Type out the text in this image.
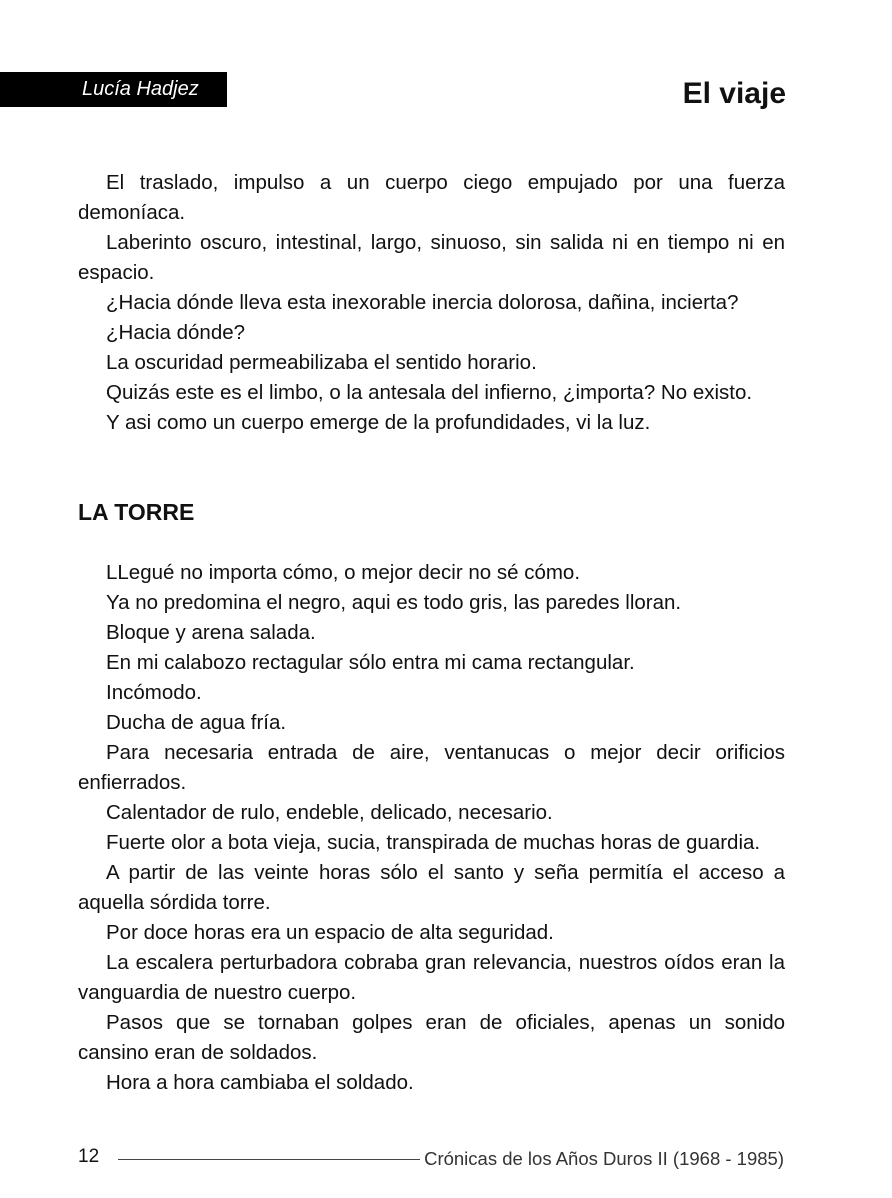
Lucía Hadjez	El viaje

El traslado, impulso a un cuerpo ciego empujado por una fuerza demoníaca.

Laberinto oscuro, intestinal, largo, sinuoso, sin salida ni en tiempo ni en espacio.

¿Hacia dónde lleva esta inexorable inercia dolorosa, dañina, incierta?

¿Hacia dónde?

La oscuridad permeabilizaba el sentido horario.

Quizás este es el limbo, o la antesala del infierno, ¿importa? No existo.

Y asi como un cuerpo emerge de la profundidades, vi la luz.

LA TORRE

LLegué no importa cómo, o mejor decir no sé cómo.

Ya no predomina el negro, aqui es todo gris, las paredes lloran.

Bloque y arena salada.

En mi calabozo rectagular sólo entra mi cama rectangular.

Incómodo.

Ducha de agua fría.

Para necesaria entrada de aire, ventanucas o mejor decir orificios enfierrados.

Calentador de rulo, endeble, delicado, necesario.

Fuerte olor a bota vieja, sucia, transpirada de muchas horas de guardia.

A partir de las veinte horas sólo el santo y seña permitía el acceso a aquella sórdida torre.

Por doce horas era un espacio de alta seguridad.

La escalera perturbadora cobraba gran relevancia, nuestros oídos eran la vanguardia de nuestro cuerpo.

Pasos que se tornaban golpes eran de oficiales, apenas un sonido cansino eran de soldados.

Hora a hora cambiaba el soldado.

12	Crónicas de los Años Duros II (1968 - 1985)
